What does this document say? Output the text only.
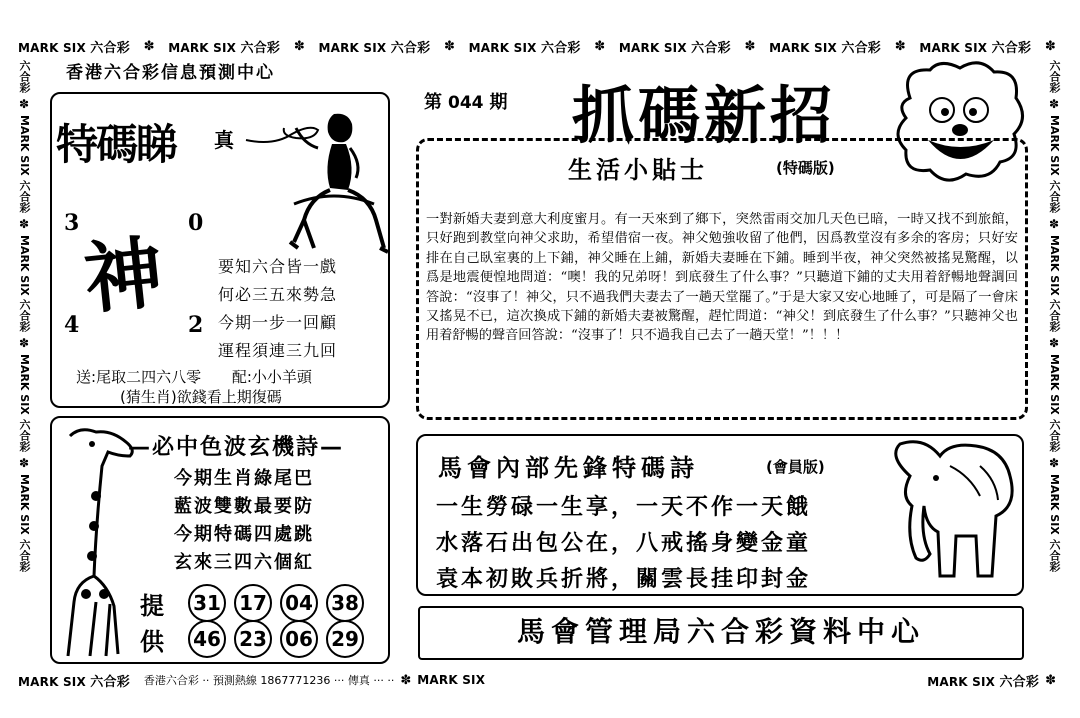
MARK SIX 六合彩 ✽ MARK SIX 六合彩 ✽ MARK SIX 六合彩 ✽ MARK SIX 六合彩 ✽ MARK SIX 六合彩 ✽ MARK SIX 六合彩 ✽ MARK SIX 六合彩 ✽
六合彩
✽
MARK SIX 六合彩
✽
MARK SIX 六合彩
✽
MARK SIX 六合彩
✽
MARK SIX 六合彩
六合彩
✽
MARK SIX 六合彩
✽
MARK SIX 六合彩
✽
MARK SIX 六合彩
✽
MARK SIX 六合彩
MARK SIX 六合彩 香港六合彩 ·· 預測熱線 1867771236 ··· 傳真 ··· ·· ✽ MARK SIX	MARK SIX 六合彩 ✽
香港六合彩信息預測中心
特碼睇 真
3	0
4	2
神	要知六合皆一戲
何必三五來勢急
今期一步一回顧
運程須連三九回
送:尾取二四六八零 配:小小羊頭
(猜生肖)欲錢看上期復碼
第 044 期 抓碼新招
生活小貼士	(特碼版)
一對新婚夫妻到意大利度蜜月。有一天來到了鄉下，突然雷雨交加几天色已暗，一時又找不到旅館，只好跑到教堂向神父求助，希望借宿一夜。神父勉強收留了他們，因爲教堂沒有多余的客房；只好安排在自己臥室裏的上下鋪，神父睡在上鋪，新婚夫妻睡在下鋪。睡到半夜，神父突然被搖晃驚醒，以爲是地震便惶地問道：“噢！我的兄弟呀！到底發生了什么事？”只聽道下鋪的丈夫用着舒暢地聲調回答說：“沒事了！神父，只不過我們夫妻去了一趟天堂罷了。”于是大家又安心地睡了，可是隔了一會床又搖晃不已，這次換成下鋪的新婚夫妻被驚醒，趕忙問道：“神父！到底發生了什么事？”只聽神父也用着舒暢的聲音回答說：“沒事了！只不過我自己去了一趟天堂！”！！！
—必中色波玄機詩—
今期生肖綠尾巴
藍波雙數最要防
今期特碼四處跳
玄來三四六個紅
提
供
31 17 04 38
46 23 06 29
馬會內部先鋒特碼詩	(會員版)
一生勞碌一生享，一天不作一天餓
水落石出包公在，八戒搖身變金童
袁本初敗兵折將，關雲長挂印封金
馬會管理局六合彩資料中心
